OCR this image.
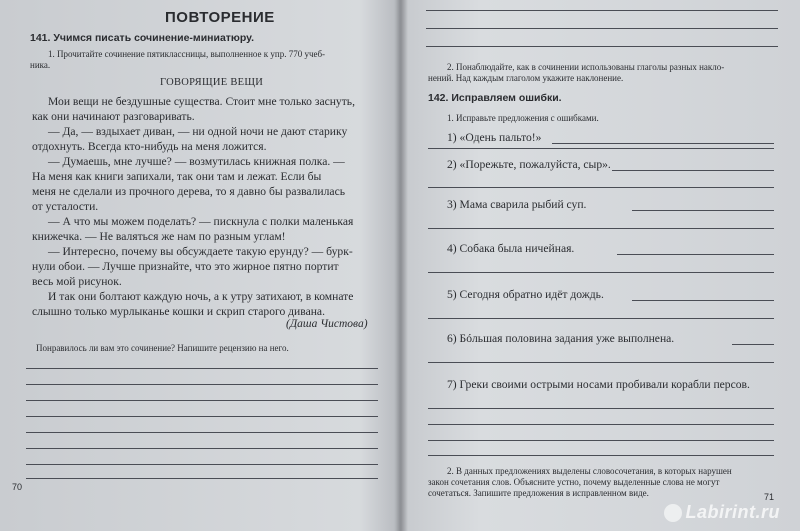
ПОВТОРЕНИЕ
141. Учимся писать сочинение-миниатюру.
1. Прочитайте сочинение пятиклассницы, выполненное к упр. 770 учеб-
ника.
ГОВОРЯЩИЕ ВЕЩИ
Мои вещи не бездушные существа. Стоит мне только заснуть,
как они начинают разговаривать.
— Да, — вздыхает диван, — ни одной ночи не дают старику
отдохнуть. Всегда кто-нибудь на меня ложится.
— Думаешь, мне лучше? — возмутилась книжная полка. —
На меня как книги запихали, так они там и лежат. Если бы
меня не сделали из прочного дерева, то я давно бы развалилась
от усталости.
— А что мы можем поделать? — пискнула с полки маленькая
книжечка. — Не валяться же нам по разным углам!
— Интересно, почему вы обсуждаете такую ерунду? — бурк-
нули обои. — Лучше признайте, что это жирное пятно портит
весь мой рисунок.
И так они болтают каждую ночь, а к утру затихают, в комнате
слышно только мурлыканье кошки и скрип старого дивана.
(Даша Чистова)
Понравилось ли вам это сочинение? Напишите рецензию на него.
70
2. Понаблюдайте, как в сочинении использованы глаголы разных накло-
нений. Над каждым глаголом укажите наклонение.
142. Исправляем ошибки.
1. Исправьте предложения с ошибками.
1) «Одень пальто!»
2) «Порежьте, пожалуйста, сыр».
3) Мама сварила рыбий суп.
4) Собака была ничейная.
5) Сегодня обратно идёт дождь.
6) Бóльшая половина задания уже выполнена.
7) Греки своими острыми носами пробивали корабли персов.
2. В данных предложениях выделены словосочетания, в которых нарушен
закон сочетания слов. Объясните устно, почему выделенные слова не могут
сочетаться. Запишите предложения в исправленном виде.	71
Labirint.ru
